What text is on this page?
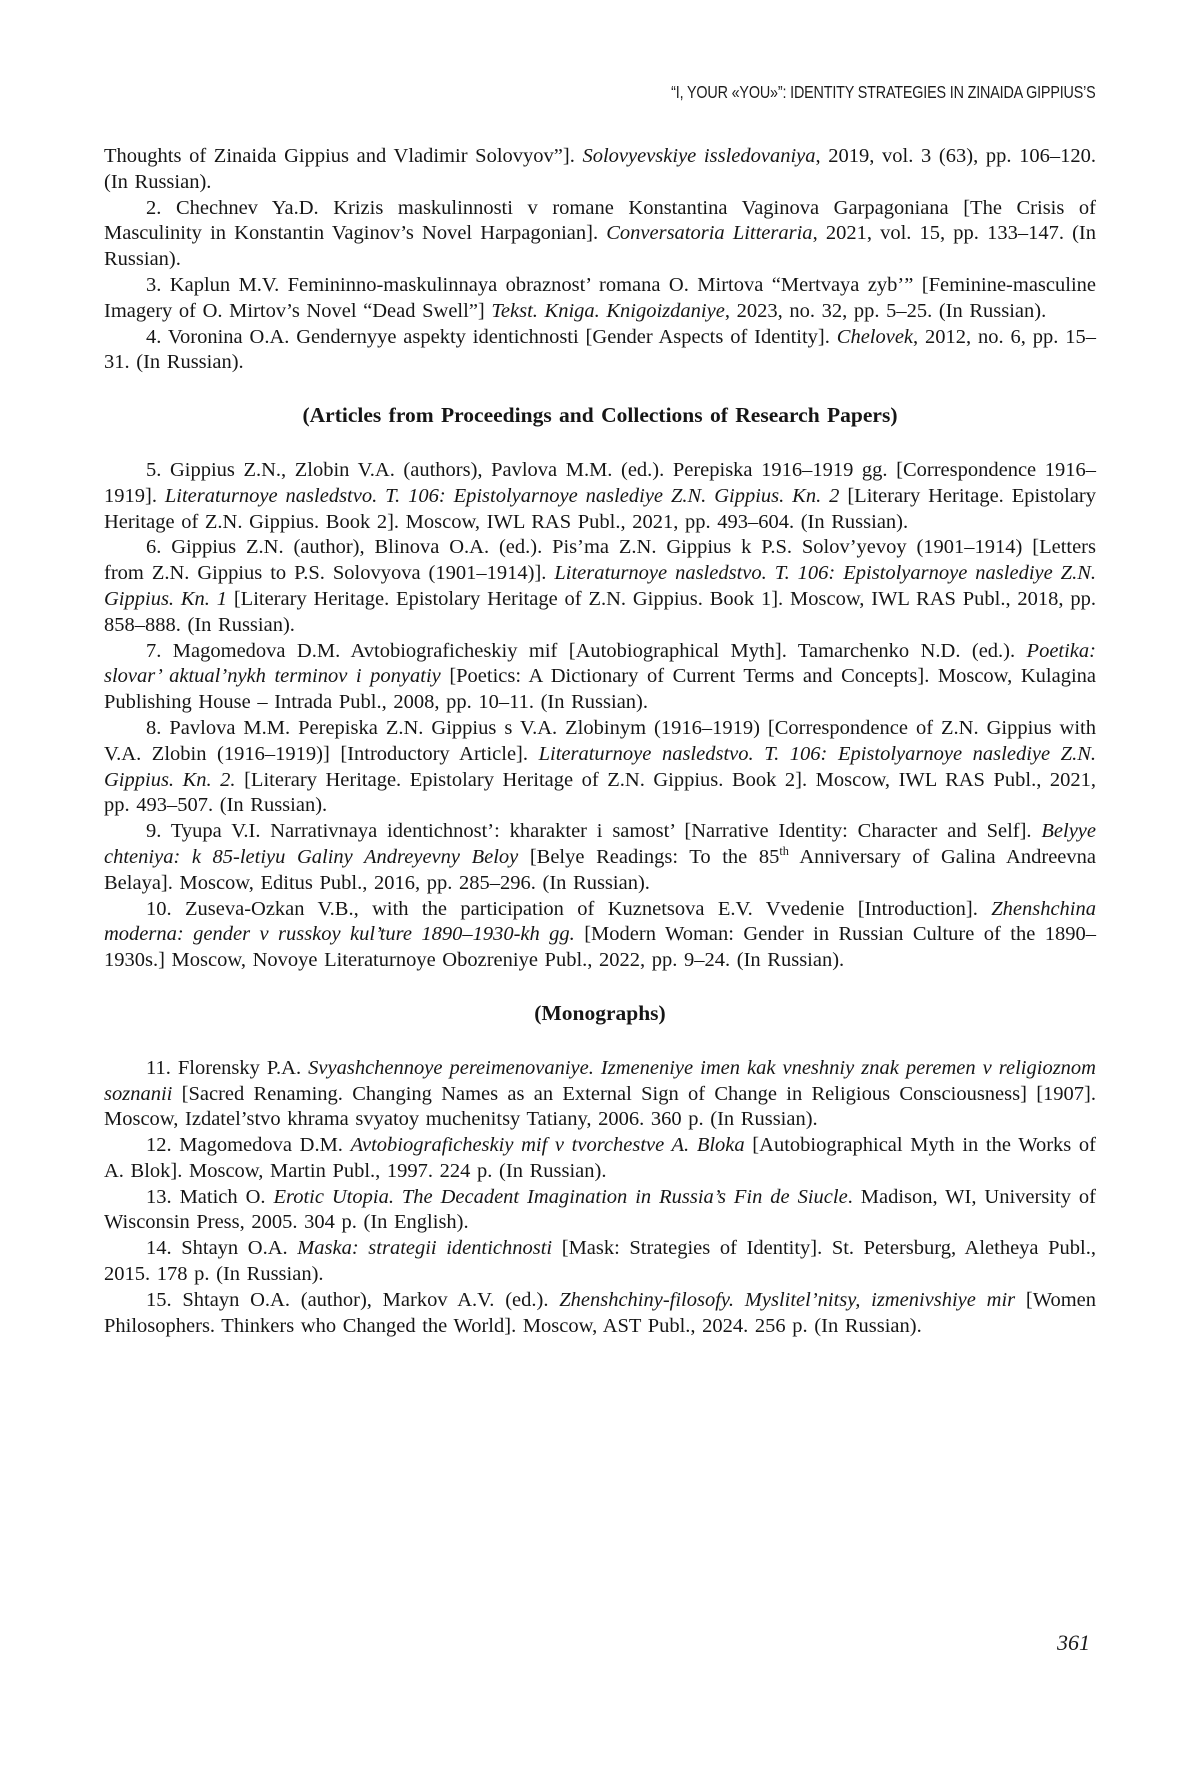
“I, YOUR «YOU»”: IDENTITY STRATEGIES IN ZINAIDA GIPPIUS’S

Thoughts of Zinaida Gippius and Vladimir Solovyov”]. Solovyevskiye issledovaniya, 2019, vol. 3 (63), pp. 106–120. (In Russian).

2. Chechnev Ya.D. Krizis maskulinnosti v romane Konstantina Vaginova Garpagoniana [The Crisis of Masculinity in Konstantin Vaginov’s Novel Harpagonian]. Conversatoria Litteraria, 2021, vol. 15, pp. 133–147. (In Russian).

3. Kaplun M.V. Femininno-maskulinnaya obraznost’ romana O. Mirtova “Mertvaya zyb’” [Feminine-masculine Imagery of O. Mirtov’s Novel “Dead Swell”] Tekst. Kniga. Knigoizdaniye, 2023, no. 32, pp. 5–25. (In Russian).

4. Voronina O.A. Gendernyye aspekty identichnosti [Gender Aspects of Identity]. Chelovek, 2012, no. 6, pp. 15–31. (In Russian).

(Articles from Proceedings and Collections of Research Papers)

5. Gippius Z.N., Zlobin V.A. (authors), Pavlova M.M. (ed.). Perepiska 1916–1919 gg. [Correspondence 1916–1919]. Literaturnoye nasledstvo. T. 106: Epistolyarnoye naslediye Z.N. Gippius. Kn. 2 [Literary Heritage. Epistolary Heritage of Z.N. Gippius. Book 2]. Moscow, IWL RAS Publ., 2021, pp. 493–604. (In Russian).

6. Gippius Z.N. (author), Blinova O.A. (ed.). Pis’ma Z.N. Gippius k P.S. Solov’yevoy (1901–1914) [Letters from Z.N. Gippius to P.S. Solovyova (1901–1914)]. Literaturnoye nasledstvo. T. 106: Epistolyarnoye naslediye Z.N. Gippius. Kn. 1 [Literary Heritage. Epistolary Heritage of Z.N. Gippius. Book 1]. Moscow, IWL RAS Publ., 2018, pp. 858–888. (In Russian).

7. Magomedova D.M. Avtobiograficheskiy mif [Autobiographical Myth]. Tamarchenko N.D. (ed.). Poetika: slovar’ aktual’nykh terminov i ponyatiy [Poetics: A Dictionary of Current Terms and Concepts]. Moscow, Kulagina Publishing House – Intrada Publ., 2008, pp. 10–11. (In Russian).

8. Pavlova M.M. Perepiska Z.N. Gippius s V.A. Zlobinym (1916–1919) [Correspondence of Z.N. Gippius with V.A. Zlobin (1916–1919)] [Introductory Article]. Literaturnoye nasledstvo. T. 106: Epistolyarnoye naslediye Z.N. Gippius. Kn. 2. [Literary Heritage. Epistolary Heritage of Z.N. Gippius. Book 2]. Moscow, IWL RAS Publ., 2021, pp. 493–507. (In Russian).

9. Tyupa V.I. Narrativnaya identichnost’: kharakter i samost’ [Narrative Identity: Character and Self]. Belyye chteniya: k 85-letiyu Galiny Andreyevny Beloy [Belye Readings: To the 85th Anniversary of Galina Andreevna Belaya]. Moscow, Editus Publ., 2016, pp. 285–296. (In Russian).

10. Zuseva-Ozkan V.B., with the participation of Kuznetsova E.V. Vvedenie [Introduction]. Zhenshchina moderna: gender v russkoy kul’ture 1890–1930-kh gg. [Modern Woman: Gender in Russian Culture of the 1890–1930s.] Moscow, Novoye Literaturnoye Obozreniye Publ., 2022, pp. 9–24. (In Russian).

(Monographs)

11. Florensky P.A. Svyashchennoye pereimenovaniye. Izmeneniye imen kak vneshniy znak peremen v religioznom soznanii [Sacred Renaming. Changing Names as an External Sign of Change in Religious Consciousness] [1907]. Moscow, Izdatel’stvo khrama svyatoy muchenitsy Tatiany, 2006. 360 p. (In Russian).

12. Magomedova D.M. Avtobiograficheskiy mif v tvorchestve A. Bloka [Autobiographical Myth in the Works of A. Blok]. Moscow, Martin Publ., 1997. 224 p. (In Russian).

13. Matich O. Erotic Utopia. The Decadent Imagination in Russia’s Fin de Siucle. Madison, WI, University of Wisconsin Press, 2005. 304 p. (In English).

14. Shtayn O.A. Maska: strategii identichnosti [Mask: Strategies of Identity]. St. Petersburg, Aletheya Publ., 2015. 178 p. (In Russian).

15. Shtayn O.A. (author), Markov A.V. (ed.). Zhenshchiny-filosofy. Myslitel’nitsy, izmenivshiye mir [Women Philosophers. Thinkers who Changed the World]. Moscow, AST Publ., 2024. 256 p. (In Russian).

361
